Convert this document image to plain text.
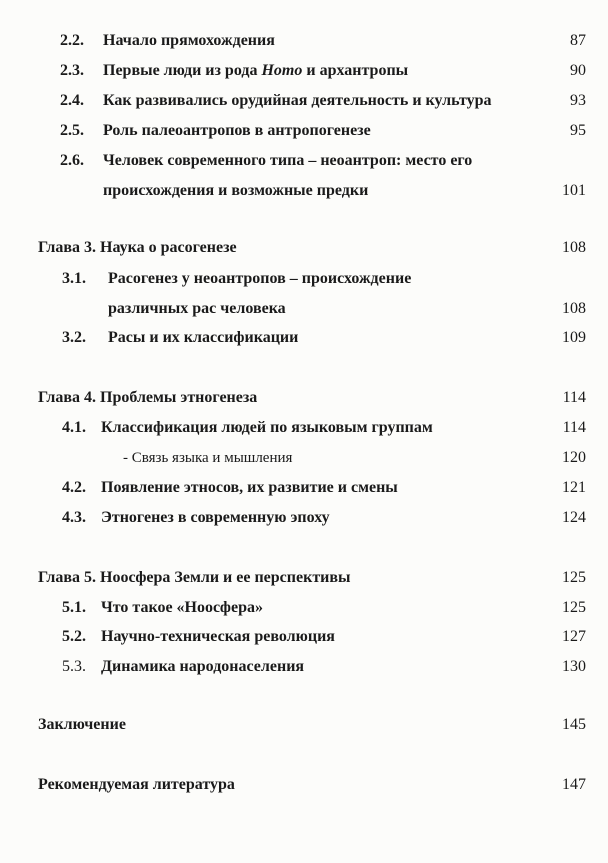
2.2. Начало прямохождения	87
2.3. Первые люди из рода Homo и архантропы	90
2.4. Как развивались орудийная деятельность и культура	93
2.5. Роль палеоантропов в антропогенезе	95
2.6. Человек современного типа – неоантроп: место его
происхождения и возможные предки	101
Глава 3. Наука о расогенезе	108
3.1. Расогенез у неоантропов – происхождение
различных рас человека	108
3.2. Расы и их классификации	109
Глава 4. Проблемы этногенеза	114
4.1. Классификация людей по языковым группам	114
- Связь языка и мышления	120
4.2. Появление этносов, их развитие и смены	121
4.3. Этногенез в современную эпоху	124
Глава 5. Ноосфера Земли и ее перспективы	125
5.1. Что такое «Ноосфера»	125
5.2. Научно-техническая революция	127
5.3. Динамика народонаселения	130
Заключение	145
Рекомендуемая литература	147
